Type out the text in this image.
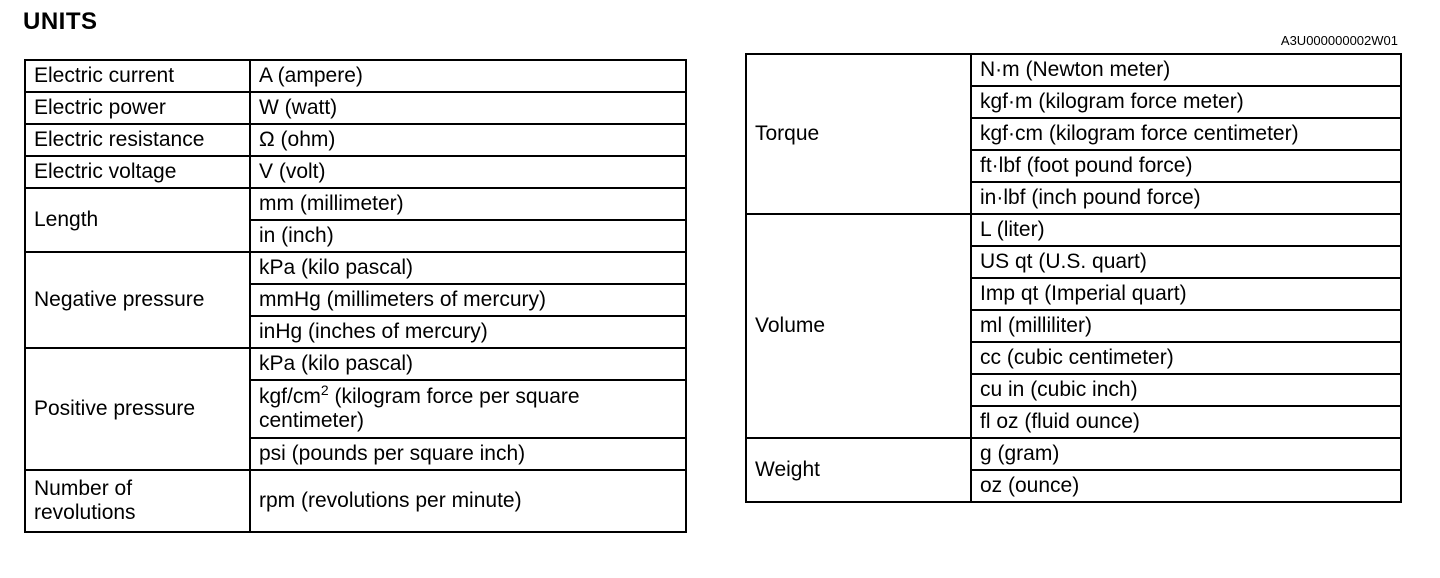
UNITS
A3U000000002W01
Electric current	A (ampere)
Electric power	W (watt)
Electric resistance	Ω (ohm)
Electric voltage	V (volt)
Length	mm (millimeter)
	in (inch)
Negative pressure	kPa (kilo pascal)
	mmHg (millimeters of mercury)
	inHg (inches of mercury)
Positive pressure	kPa (kilo pascal)
	kgf/$cm^2$ (kilogram force per square centimeter)
	psi (pounds per square inch)
Number of
revolutions	rpm (revolutions per minute)
Torque	N·m (Newton meter)
	kgf·m (kilogram force meter)
	kgf·cm (kilogram force centimeter)
	ft·lbf (foot pound force)
	in·lbf (inch pound force)
Volume	L (liter)
	US qt (U.S. quart)
	Imp qt (Imperial quart)
	ml (milliliter)
	cc (cubic centimeter)
	cu in (cubic inch)
	fl oz (fluid ounce)
Weight	g (gram)
	oz (ounce)
